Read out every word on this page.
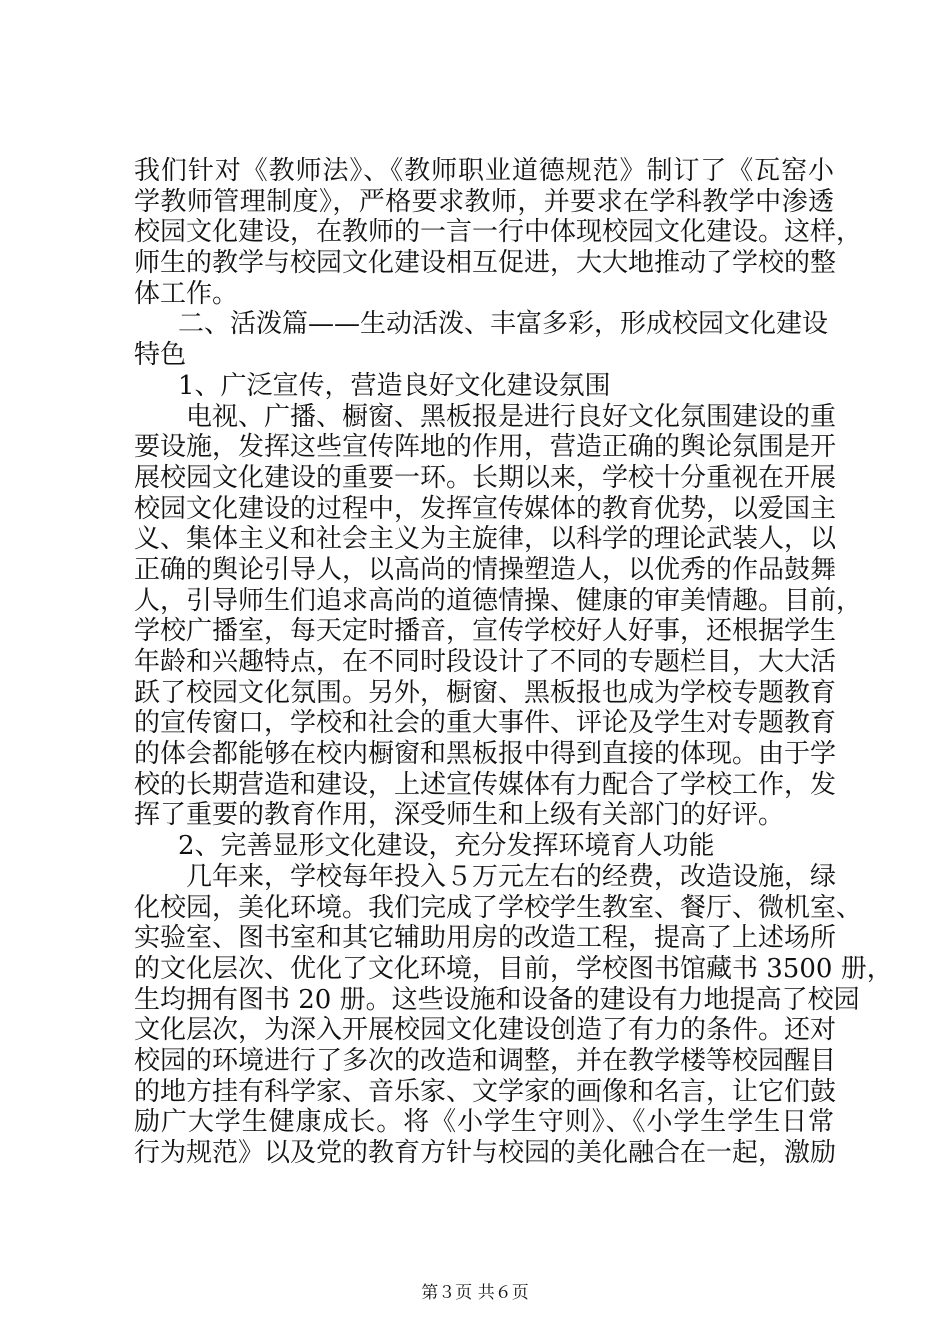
我们针对《教师法》、《教师职业道德规范》制订了《瓦窑小
学教师管理制度》，严格要求教师，并要求在学科教学中渗透
校园文化建设，在教师的一言一行中体现校园文化建设。这样，
师生的教学与校园文化建设相互促进，大大地推动了学校的整
体工作。
二、活泼篇——生动活泼、丰富多彩，形成校园文化建设
特色
1、广泛宣传，营造良好文化建设氛围
电视、广播、橱窗、黑板报是进行良好文化氛围建设的重
要设施，发挥这些宣传阵地的作用，营造正确的舆论氛围是开
展校园文化建设的重要一环。长期以来，学校十分重视在开展
校园文化建设的过程中，发挥宣传媒体的教育优势，以爱国主
义、集体主义和社会主义为主旋律，以科学的理论武装人，以
正确的舆论引导人，以高尚的情操塑造人，以优秀的作品鼓舞
人，引导师生们追求高尚的道德情操、健康的审美情趣。目前，
学校广播室，每天定时播音，宣传学校好人好事，还根据学生
年龄和兴趣特点，在不同时段设计了不同的专题栏目，大大活
跃了校园文化氛围。另外，橱窗、黑板报也成为学校专题教育
的宣传窗口，学校和社会的重大事件、评论及学生对专题教育
的体会都能够在校内橱窗和黑板报中得到直接的体现。由于学
校的长期营造和建设，上述宣传媒体有力配合了学校工作，发
挥了重要的教育作用，深受师生和上级有关部门的好评。
2、完善显形文化建设，充分发挥环境育人功能
几年来，学校每年投入５万元左右的经费，改造设施，绿
化校园，美化环境。我们完成了学校学生教室、餐厅、微机室、
实验室、图书室和其它辅助用房的改造工程，提高了上述场所
的文化层次、优化了文化环境，目前，学校图书馆藏书 3500 册，
生均拥有图书 20 册。这些设施和设备的建设有力地提高了校园
文化层次，为深入开展校园文化建设创造了有力的条件。还对
校园的环境进行了多次的改造和调整，并在教学楼等校园醒目
的地方挂有科学家、音乐家、文学家的画像和名言，让它们鼓
励广大学生健康成长。将《小学生守则》、《小学生学生日常
行为规范》以及党的教育方针与校园的美化融合在一起，激励
第３页 共６页
